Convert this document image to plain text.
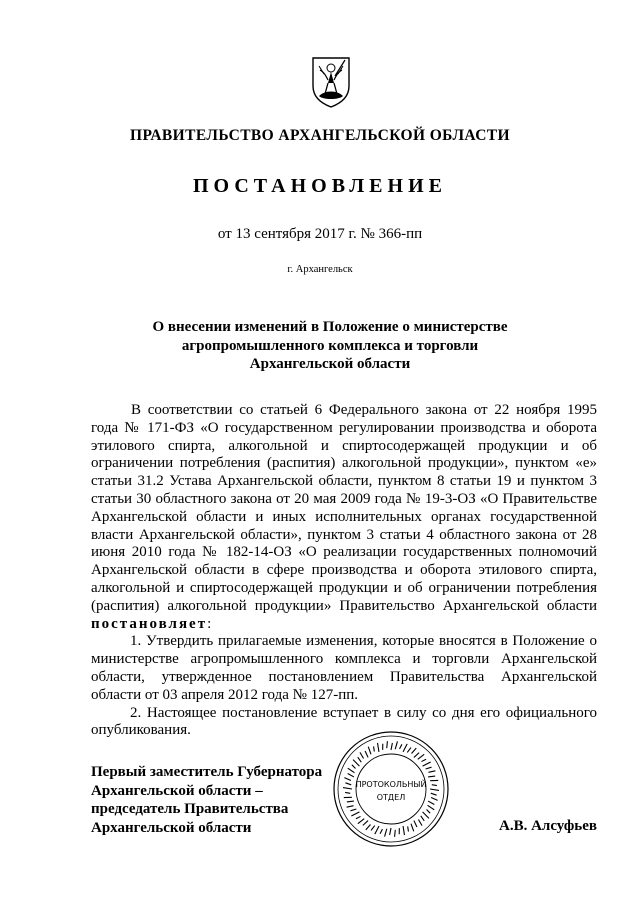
ПРАВИТЕЛЬСТВО АРХАНГЕЛЬСКОЙ ОБЛАСТИ
ПОСТАНОВЛЕНИЕ
от 13 сентября 2017 г. № 366-пп
г. Архангельск
О внесении изменений в Положение о министерстве
агропромышленного комплекса и торговли
Архангельской области

В соответствии со статьей 6 Федерального закона от 22 ноября 1995 года № 171-ФЗ «О государственном регулировании производства и оборота этилового спирта, алкогольной и спиртосодержащей продукции и об ограничении потребления (распития) алкогольной продукции», пунктом «е» статьи 31.2 Устава Архангельской области, пунктом 8 статьи 19 и пунктом 3 статьи 30 областного закона от 20 мая 2009 года № 19-3-ОЗ «О Правительстве Архангельской области и иных исполнительных органах государственной власти Архангельской области», пунктом 3 статьи 4 областного закона от 28 июня 2010 года № 182-14-ОЗ «О реализации государственных полномочий Архангельской области в сфере производства и оборота этилового спирта, алкогольной и спиртосодержащей продукции и об ограничении потребления (распития) алкогольной продукции» Правительство Архангельской области постановляет:

1. Утвердить прилагаемые изменения, которые вносятся в Положение о министерстве агропромышленного комплекса и торговли Архангельской области, утвержденное постановлением Правительства Архангельской области от 03 апреля 2012 года № 127-пп.

2. Настоящее постановление вступает в силу со дня его официального опубликования.

Первый заместитель Губернатора
Архангельской области –
председатель Правительства
Архангельской области
ПРОТОКОЛЬНЫЙ
ОТДЕЛ
А.В. Алсуфьев
